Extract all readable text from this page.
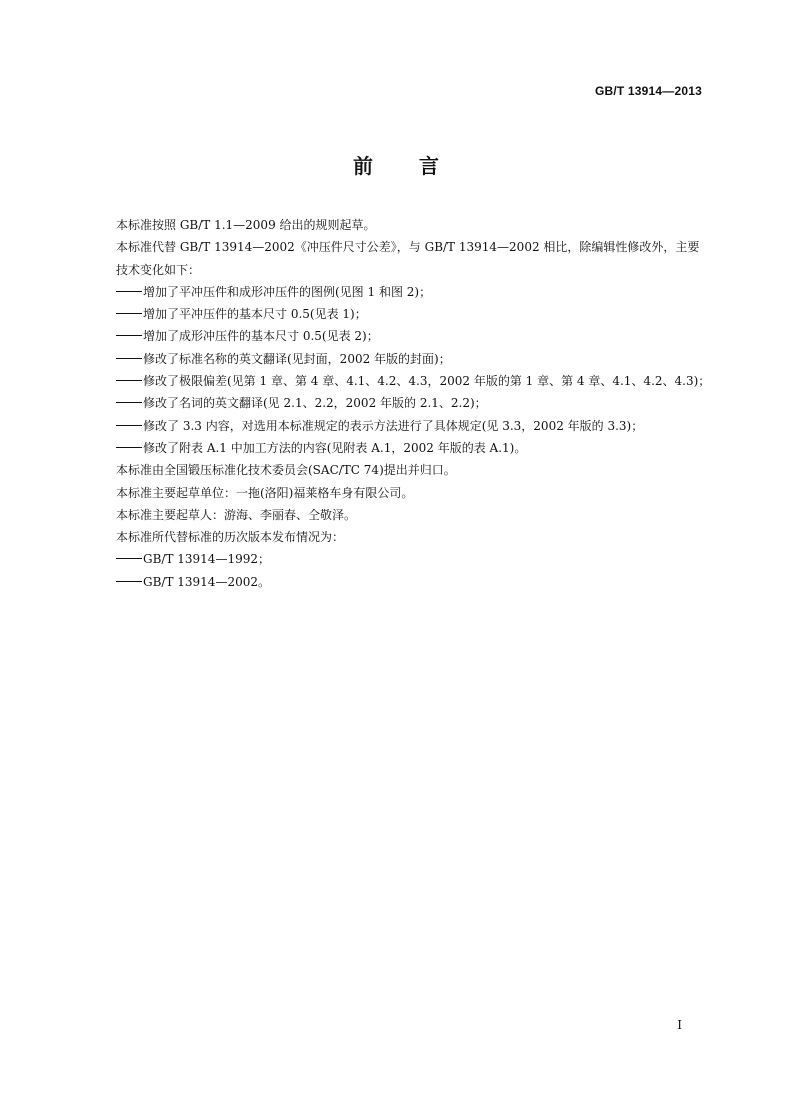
GB/T 13914—2013
前 言

本标准按照 GB/T 1.1—2009 给出的规则起草。

本标准代替 GB/T 13914—2002《冲压件尺寸公差》，与 GB/T 13914—2002 相比，除编辑性修改外，主要技术变化如下：

增加了平冲压件和成形冲压件的图例(见图 1 和图 2)；

增加了平冲压件的基本尺寸 0.5(见表 1)；

增加了成形冲压件的基本尺寸 0.5(见表 2)；

修改了标准名称的英文翻译(见封面，2002 年版的封面)；

修改了极限偏差(见第 1 章、第 4 章、4.1、4.2、4.3，2002 年版的第 1 章、第 4 章、4.1、4.2、4.3)；

修改了名词的英文翻译(见 2.1、2.2，2002 年版的 2.1、2.2)；

修改了 3.3 内容，对选用本标准规定的表示方法进行了具体规定(见 3.3，2002 年版的 3.3)；

修改了附表 A.1 中加工方法的内容(见附表 A.1，2002 年版的表 A.1)。

本标准由全国锻压标准化技术委员会(SAC/TC 74)提出并归口。

本标准主要起草单位：一拖(洛阳)福莱格车身有限公司。

本标准主要起草人：游海、李丽春、仝敬泽。

本标准所代替标准的历次版本发布情况为：

GB/T 13914—1992；

GB/T 13914—2002。

I
